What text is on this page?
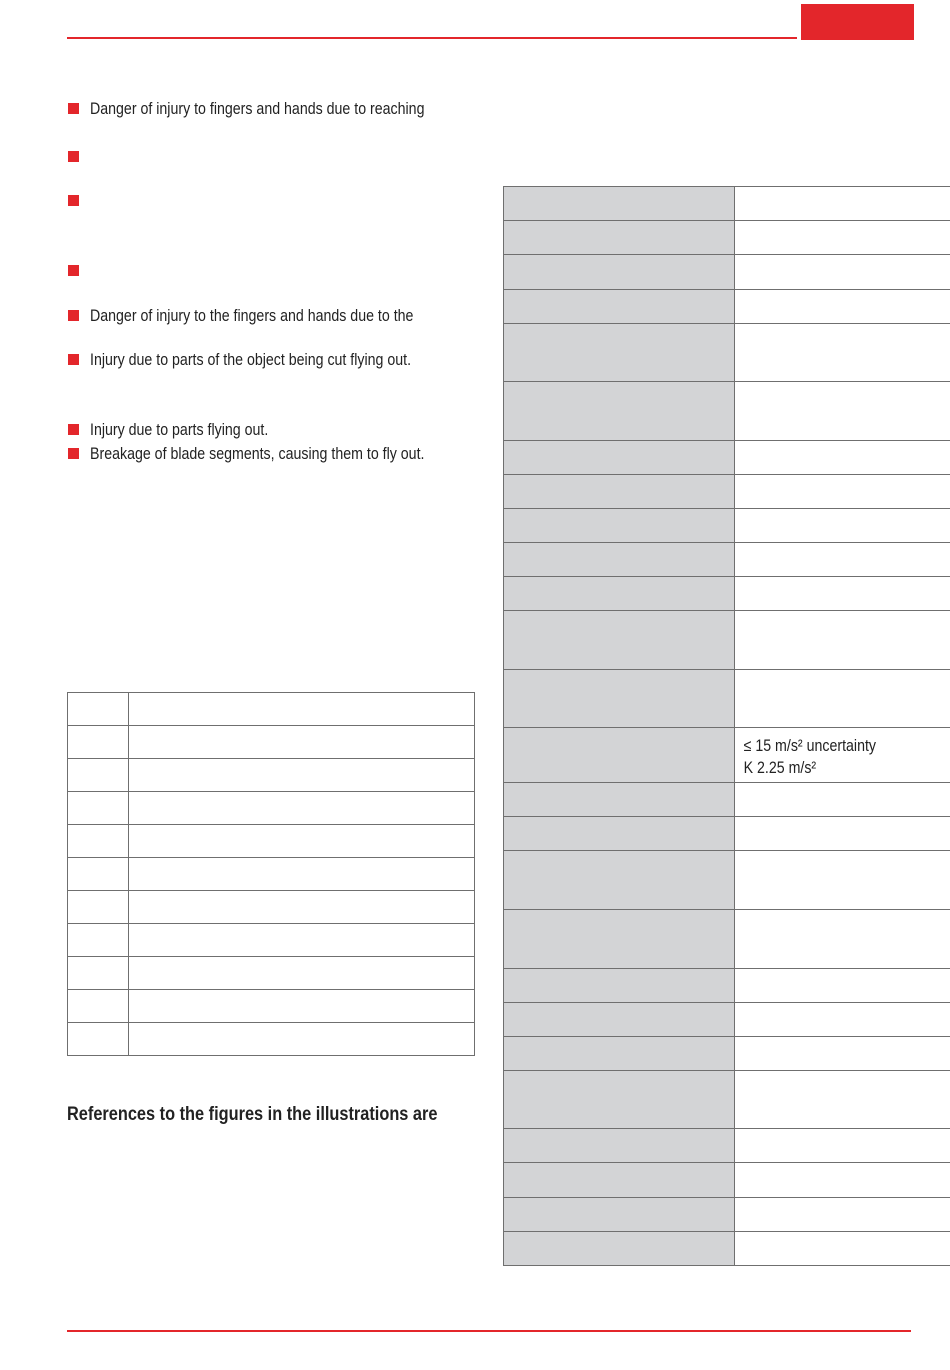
Danger of injury to fingers and hands due to reaching
Danger of injury to the fingers and hands due to the
Injury due to parts of the object being cut flying out.
Injury due to parts flying out.
Breakage of blade segments, causing them to fly out.

References to the figures in the illustrations are

	≤ 15 m/s² uncertainty
K 2.25 m/s²
